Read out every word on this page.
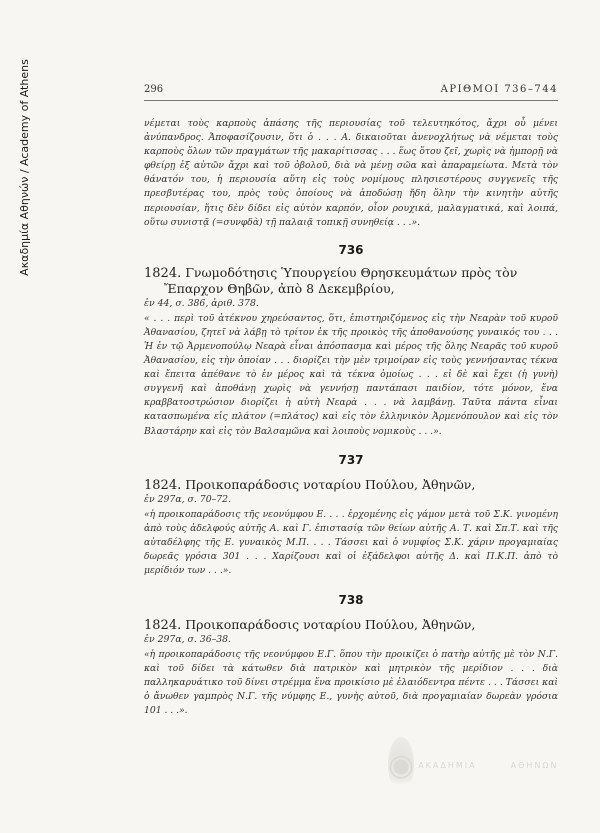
Ακαδημία Αθηνών / Academy of Athens	296	ΑΡΙΘΜΟΙ 736–744

νέμεται τοὺς καρποὺς ἁπάσης τῆς περιουσίας τοῦ τελευτηκότος, ἄχρι οὗ μένει ἀνύπανδρος. Ἀποφασίζουσιν, ὅτι ὁ . . . Α. δικαιοῦται ἀνενοχλήτως νὰ νέμεται τοὺς καρποὺς ὅλων τῶν πραγμάτων τῆς μακαρίτισσας . . . ἕως ὅτου ζεῖ, χωρὶς νὰ ἠμπορῇ νὰ φθείρῃ ἐξ αὐτῶν ἄχρι καὶ τοῦ ὀβολοῦ, διὰ νὰ μένῃ σῶα καὶ ἀπαραμείωτα. Μετὰ τὸν θάνατόν του, ἡ περιουσία αὕτη εἰς τοὺς νομίμους πλησιεστέρους συγγενεῖς τῆς πρεσβυτέρας του, πρὸς τοὺς ὁποίους νὰ ἀποδώσῃ ἤδη ὅλην τὴν κινητὴν αὐτῆς περιουσίαν, ἥτις δὲν δίδει εἰς αὐτὸν καρπόν, οἷον ρουχικά, μαλαγματικά, καὶ λοιπά, οὕτω συνιστᾷ (=συνφδὰ) τῇ παλαιᾷ τοπικῇ συνηθείᾳ . . .».

736

1824. Γνωμοδότησις Ὑπουργείου Θρησκευμάτων πρὸς τὸν Ἔπαρχον Θηβῶν, ἀπὸ 8 Δεκεμβρίου,

ἐν 44, σ. 386, ἀριθ. 378.

« . . . περὶ τοῦ ἀτέκνου χηρεύσαντος, ὅτι, ἐπιστηριζόμενος εἰς τὴν Νεαρὰν τοῦ κυροῦ Ἀθανασίου, ζητεῖ νὰ λάβῃ τὸ τρίτον ἐκ τῆς προικὸς τῆς ἀποθανούσης γυναικός του . . . Ἡ ἐν τῷ Ἀρμενοπούλῳ Νεαρὰ εἶναι ἀπόσπασμα καὶ μέρος τῆς ὅλης Νεαρᾶς τοῦ κυροῦ Ἀθανασίου, εἰς τὴν ὁποίαν . . . διορίζει τὴν μὲν τριμοίραν εἰς τοὺς γεννήσαντας τέκνα καὶ ἔπειτα ἀπέθανε τὸ ἐν μέρος καὶ τὰ τέκνα ὁμοίως . . . εἰ δὲ καὶ ἔχει (ἡ γυνὴ) συγγενῆ καὶ ἀποθάνῃ χωρὶς νὰ γεννήσῃ παντάπασι παιδίον, τότε μόνον, ἕνα κραββατοστρώσιον διορίζει ἡ αὐτὴ Νεαρὰ . . . νὰ λαμβάνῃ. Ταῦτα πάντα εἶναι κατασπωμένα εἰς πλάτον (=πλάτος) καὶ εἰς τὸν ἑλληνικὸν Ἀρμενόπουλον καὶ εἰς τὸν Βλαστάρην καὶ εἰς τὸν Βαλσαμῶνα καὶ λοιποὺς νομικοὺς . . .».

737

1824. Προικοπαράδοσις νοταρίου Πούλου, Ἀθηνῶν,

ἐν 297α, σ. 70–72.

«ἡ προικοπαράδοσις τῆς νεονύμφου Ε. . . . ἐρχομένης εἰς γάμον μετὰ τοῦ Σ.Κ. γινομένη ἀπὸ τοὺς ἀδελφούς αὐτῆς Α. καὶ Γ. ἐπιστασίᾳ τῶν θείων αὐτῆς Α. Τ. καὶ Σπ.Τ. καὶ τῆς αὐταδέλφης τῆς Ε. γυναικὸς Μ.Π. . . . Τάσσει καὶ ὁ νυμφίος Σ.Κ. χάριν προγαμιαίας δωρεᾶς γρόσια 301 . . . Χαρίζουσι καὶ οἱ ἐξάδελφοι αὐτῆς Δ. καὶ Π.Κ.Π. ἀπὸ τὸ μερίδιόν των . . .».

738

1824. Προικοπαράδοσις νοταρίου Πούλου, Ἀθηνῶν,

ἐν 297α, σ. 36–38.

«ἡ προικοπαράδοσις τῆς νεονύμφου Ε.Γ. ὅπου τὴν προικίζει ὁ πατὴρ αὐτῆς μὲ τὸν Ν.Γ. καὶ τοῦ δίδει τὰ κάτωθεν διὰ πατρικὸν καὶ μητρικὸν τῆς μερίδιον . . . διὰ παλληκαρυάτικο τοῦ δίνει στρέμμα ἕνα προικίσιο μὲ ἐλαιόδεντρα πέντε . . . Τάσσει καὶ ὁ ἄνωθεν γαμπρὸς Ν.Γ. τῆς νύμφης Ε., γυνὴς αὐτοῦ, διὰ προγαμιαίαν δωρεὰν γρόσια 101 . . .».

◉ ΑΚΑΔΗΜΙΑ	ΑΘΗΝΩΝ
